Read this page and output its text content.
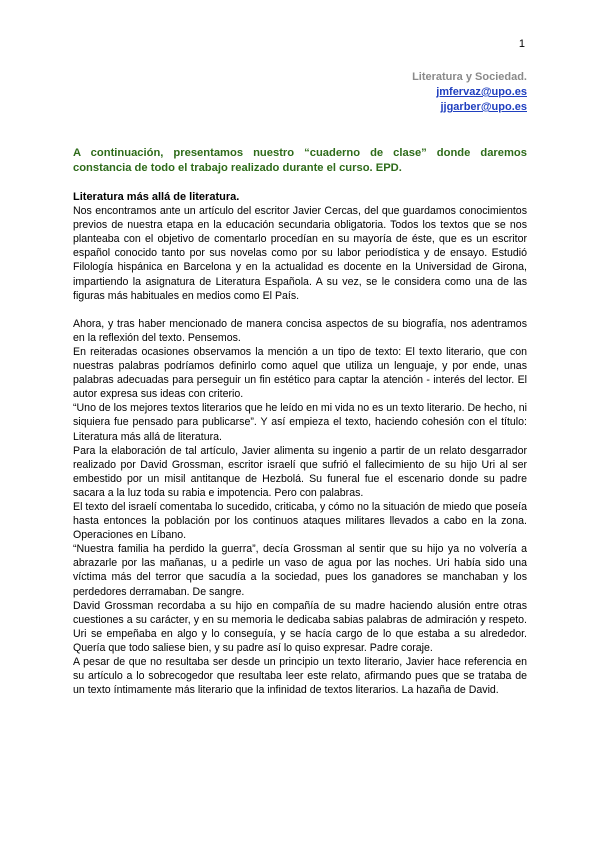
1
Literatura y Sociedad.
jmfervaz@upo.es
jjgarber@upo.es
A continuación, presentamos nuestro “cuaderno de clase” donde daremos constancia de todo el trabajo realizado durante el curso. EPD.
Literatura más allá de literatura.

Nos encontramos ante un artículo del escritor Javier Cercas, del que guardamos conocimientos previos de nuestra etapa en la educación secundaria obligatoria. Todos los textos que se nos planteaba con el objetivo de comentarlo procedían en su mayoría de éste, que es un escritor español conocido tanto por sus novelas como por su labor periodística y de ensayo. Estudió Filología hispánica en Barcelona y en la actualidad es docente en la Universidad de Girona, impartiendo la asignatura de Literatura Española. A su vez, se le considera como una de las figuras más habituales en medios como El País.

Ahora, y tras haber mencionado de manera concisa aspectos de su biografía, nos adentramos en la reflexión del texto. Pensemos.

En reiteradas ocasiones observamos la mención a un tipo de texto: El texto literario, que con nuestras palabras podríamos definirlo como aquel que utiliza un lenguaje, y por ende, unas palabras adecuadas para perseguir un fin estético para captar la atención - interés del lector. El autor expresa sus ideas con criterio.

“Uno de los mejores textos literarios que he leído en mi vida no es un texto literario. De hecho, ni siquiera fue pensado para publicarse”. Y así empieza el texto, haciendo cohesión con el título: Literatura más allá de literatura.

Para la elaboración de tal artículo, Javier alimenta su ingenio a partir de un relato desgarrador realizado por David Grossman, escritor israelí que sufrió el fallecimiento de su hijo Uri al ser embestido por un misil antitanque de Hezbolá. Su funeral fue el escenario donde su padre sacara a la luz toda su rabia e impotencia. Pero con palabras.

El texto del israelí comentaba lo sucedido, criticaba, y cómo no la situación de miedo que poseía hasta entonces la población por los continuos ataques militares llevados a cabo en la zona. Operaciones en Líbano.

“Nuestra familia ha perdido la guerra”, decía Grossman al sentir que su hijo ya no volvería a abrazarle por las mañanas, u a pedirle un vaso de agua por las noches. Uri había sido una víctima más del terror que sacudía a la sociedad, pues los ganadores se manchaban y los perdedores derramaban. De sangre.

David Grossman recordaba a su hijo en compañía de su madre haciendo alusión entre otras cuestiones a su carácter, y en su memoria le dedicaba sabias palabras de admiración y respeto. Uri se empeñaba en algo y lo conseguía, y se hacía cargo de lo que estaba a su alrededor. Quería que todo saliese bien, y su padre así lo quiso expresar. Padre coraje.

A pesar de que no resultaba ser desde un principio un texto literario, Javier hace referencia en su artículo a lo sobrecogedor que resultaba leer este relato, afirmando pues que se trataba de un texto íntimamente más literario que la infinidad de textos literarios. La hazaña de David.
